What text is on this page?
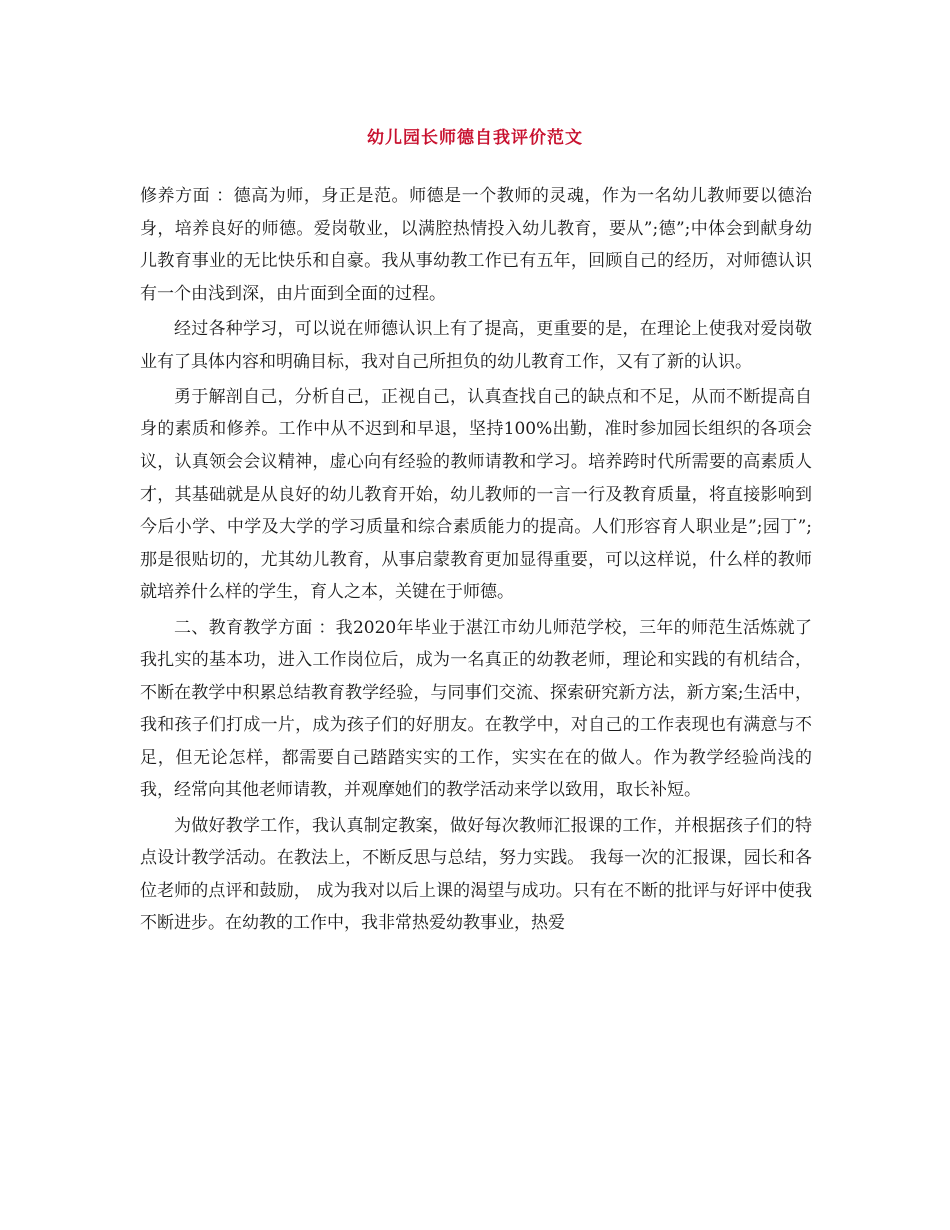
幼儿园长师德自我评价范文

修养方面 ：德高为师，身正是范。师德是一个教师的灵魂，作为一名幼儿教师要以德治身，培养良好的师德。爱岗敬业，以满腔热情投入幼儿教育，要从”;德”;中体会到献身幼儿教育事业的无比快乐和自豪。我从事幼教工作已有五年，回顾自己的经历，对师德认识有一个由浅到深，由片面到全面的过程。

经过各种学习，可以说在师德认识上有了提高，更重要的是，在理论上使我对爱岗敬业有了具体内容和明确目标，我对自己所担负的幼儿教育工作，又有了新的认识。

勇于解剖自己，分析自己，正视自己，认真查找自己的缺点和不足，从而不断提高自身的素质和修养。工作中从不迟到和早退，坚持100%出勤，准时参加园长组织的各项会议，认真领会会议精神，虚心向有经验的教师请教和学习。培养跨时代所需要的高素质人才，其基础就是从良好的幼儿教育开始，幼儿教师的一言一行及教育质量，将直接影响到今后小学、中学及大学的学习质量和综合素质能力的提高。人们形容育人职业是”;园丁”;那是很贴切的，尤其幼儿教育，从事启蒙教育更加显得重要，可以这样说，什么样的教师就培养什么样的学生，育人之本，关键在于师德。

二、教育教学方面 ：我2020年毕业于湛江市幼儿师范学校，三年的师范生活炼就了我扎实的基本功，进入工作岗位后，成为一名真正的幼教老师，理论和实践的有机结合，不断在教学中积累总结教育教学经验，与同事们交流、探索研究新方法，新方案;生活中，我和孩子们打成一片，成为孩子们的好朋友。在教学中，对自己的工作表现也有满意与不足，但无论怎样，都需要自己踏踏实实的工作，实实在在的做人。作为教学经验尚浅的我，经常向其他老师请教，并观摩她们的教学活动来学以致用，取长补短。

为做好教学工作，我认真制定教案，做好每次教师汇报课的工作，并根据孩子们的特点设计教学活动。在教法上，不断反思与总结，努力实践。 我每一次的汇报课，园长和各位老师的点评和鼓励， 成为我对以后上课的渴望与成功。只有在不断的批评与好评中使我不断进步。在幼教的工作中，我非常热爱幼教事业，热爱
